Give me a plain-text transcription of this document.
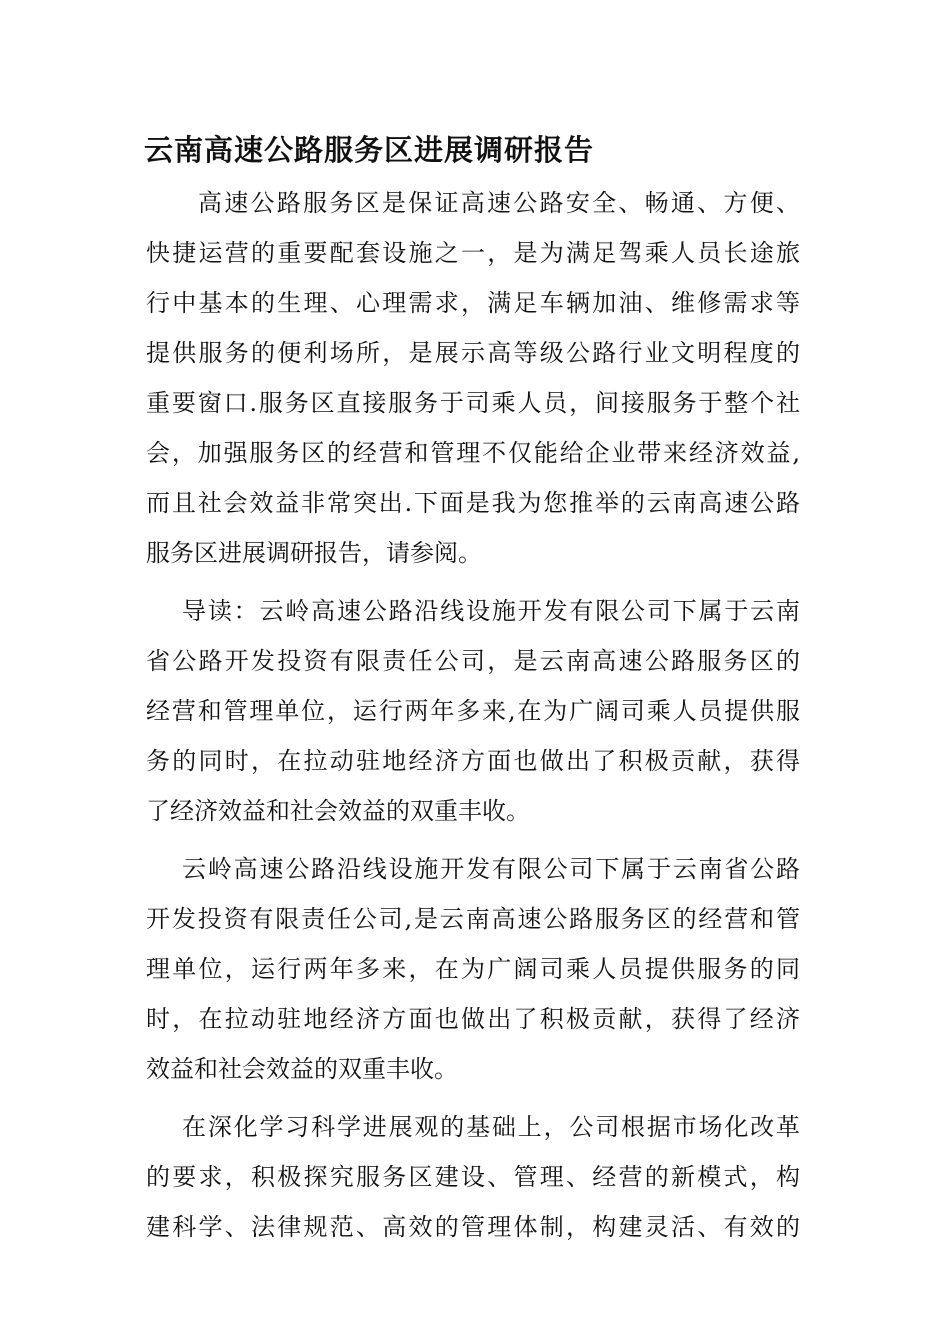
云南高速公路服务区进展调研报告
高速公路服务区是保证高速公路安全、畅通、方便、
快捷运营的重要配套设施之一，是为满足驾乘人员长途旅
行中基本的生理、心理需求，满足车辆加油、维修需求等
提供服务的便利场所，是展示高等级公路行业文明程度的
重要窗口.服务区直接服务于司乘人员，间接服务于整个社
会，加强服务区的经营和管理不仅能给企业带来经济效益,
而且社会效益非常突出.下面是我为您推举的云南高速公路
服务区进展调研报告，请参阅。
导读：云岭高速公路沿线设施开发有限公司下属于云南
省公路开发投资有限责任公司，是云南高速公路服务区的
经营和管理单位，运行两年多来,在为广阔司乘人员提供服
务的同时，在拉动驻地经济方面也做出了积极贡献，获得
了经济效益和社会效益的双重丰收。
云岭高速公路沿线设施开发有限公司下属于云南省公路
开发投资有限责任公司,是云南高速公路服务区的经营和管
理单位，运行两年多来，在为广阔司乘人员提供服务的同
时，在拉动驻地经济方面也做出了积极贡献，获得了经济
效益和社会效益的双重丰收。
在深化学习科学进展观的基础上，公司根据市场化改革
的要求，积极探究服务区建设、管理、经营的新模式，构
建科学、法律规范、高效的管理体制，构建灵活、有效的
